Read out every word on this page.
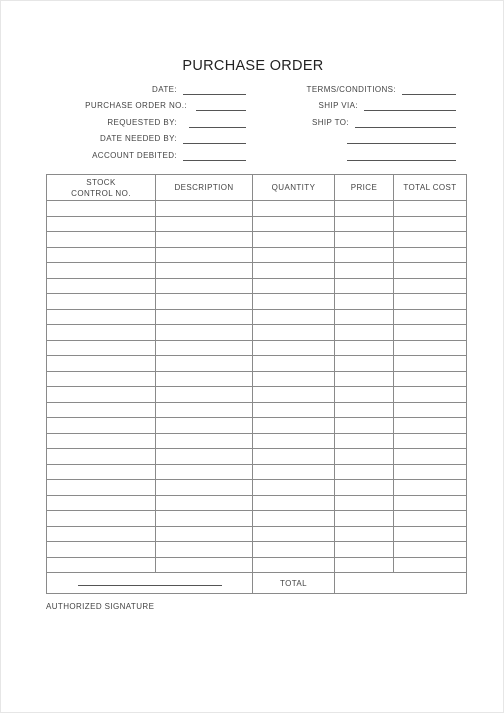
PURCHASE ORDER
DATE:
PURCHASE ORDER NO.:
REQUESTED BY:
DATE NEEDED BY:
ACCOUNT DEBITED:
TERMS/CONDITIONS:
SHIP VIA:
SHIP TO:
STOCK
CONTROL NO.	DESCRIPTION	QUANTITY	PRICE	TOTAL COST

		TOTAL		
AUTHORIZED SIGNATURE
